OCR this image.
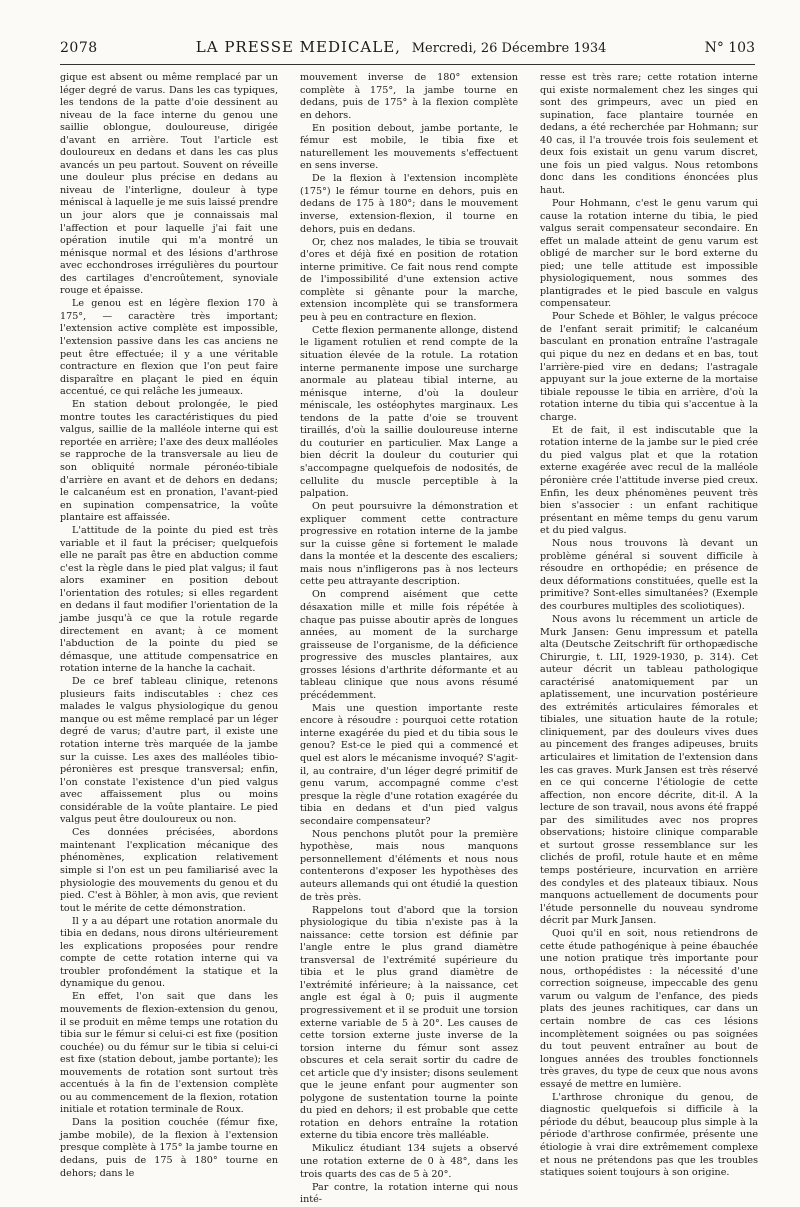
2078	LA PRESSE MEDICALE, Mercredi, 26 Décembre 1934	N° 103

gique est absent ou même remplacé par un léger degré de varus. Dans les cas typiques, les tendons de la patte d'oie dessinent au niveau de la face interne du genou une saillie oblongue, douloureuse, dirigée d'avant en arrière. Tout l'article est douloureux en dedans et dans les cas plus avancés un peu partout. Souvent on réveille une douleur plus précise en dedans au niveau de l'interligne, douleur à type méniscal à laquelle je me suis laissé prendre un jour alors que je connaissais mal l'affection et pour laquelle j'ai fait une opération inutile qui m'a montré un ménisque normal et des lésions d'arthrose avec ecchondroses irrégulières du pourtour des cartilages d'encroûtement, synoviale rouge et épaisse.

Le genou est en légère flexion 170 à 175°, — caractère très important; l'extension active complète est impossible, l'extension passive dans les cas anciens ne peut être effectuée; il y a une véritable contracture en flexion que l'on peut faire disparaître en plaçant le pied en équin accentué, ce qui relâche les jumeaux.

En station debout prolongée, le pied montre toutes les caractéristiques du pied valgus, saillie de la malléole interne qui est reportée en arrière; l'axe des deux malléoles se rapproche de la transversale au lieu de son obliquité normale péronéo-tibiale d'arrière en avant et de dehors en dedans; le calcanéum est en pronation, l'avant-pied en supination compensatrice, la voûte plantaire est affaissée.

L'attitude de la pointe du pied est très variable et il faut la préciser; quelquefois elle ne paraît pas être en abduction comme c'est la règle dans le pied plat valgus; il faut alors examiner en position debout l'orientation des rotules; si elles regardent en dedans il faut modifier l'orientation de la jambe jusqu'à ce que la rotule regarde directement en avant; à ce moment l'abduction de la pointe du pied se démasque, une attitude compensatrice en rotation interne de la hanche la cachait.

De ce bref tableau clinique, retenons plusieurs faits indiscutables : chez ces malades le valgus physiologique du genou manque ou est même remplacé par un léger degré de varus; d'autre part, il existe une rotation interne très marquée de la jambe sur la cuisse. Les axes des malléoles tibio-péronières est presque transversal; enfin, l'on constate l'existence d'un pied valgus avec affaissement plus ou moins considérable de la voûte plantaire. Le pied valgus peut être douloureux ou non.

Ces données précisées, abordons maintenant l'explication mécanique des phénomènes, explication relativement simple si l'on est un peu familiarisé avec la physiologie des mouvements du genou et du pied. C'est à Böhler, à mon avis, que revient tout le mérite de cette démonstration.

Il y a au départ une rotation anormale du tibia en dedans, nous dirons ultérieurement les explications proposées pour rendre compte de cette rotation interne qui va troubler profondément la statique et la dynamique du genou.

En effet, l'on sait que dans les mouvements de flexion-extension du genou, il se produit en même temps une rotation du tibia sur le fémur si celui-ci est fixe (position couchée) ou du fémur sur le tibia si celui-ci est fixe (station debout, jambe portante); les mouvements de rotation sont surtout très accentués à la fin de l'extension complète ou au commencement de la flexion, rotation initiale et rotation terminale de Roux.

Dans la position couchée (fémur fixe, jambe mobile), de la flexion à l'extension presque complète à 175° la jambe tourne en dedans, puis de 175 à 180° tourne en dehors; dans le

mouvement inverse de 180° extension complète à 175°, la jambe tourne en dedans, puis de 175° à la flexion complète en dehors.

En position debout, jambe portante, le fémur est mobile, le tibia fixe et naturellement les mouvements s'effectuent en sens inverse.

De la flexion à l'extension incomplète (175°) le fémur tourne en dehors, puis en dedans de 175 à 180°; dans le mouvement inverse, extension-flexion, il tourne en dehors, puis en dedans.

Or, chez nos malades, le tibia se trouvait d'ores et déjà fixé en position de rotation interne primitive. Ce fait nous rend compte de l'impossibilité d'une extension active complète si gênante pour la marche, extension incomplète qui se transformera peu à peu en contracture en flexion.

Cette flexion permanente allonge, distend le ligament rotulien et rend compte de la situation élevée de la rotule. La rotation interne permanente impose une surcharge anormale au plateau tibial interne, au ménisque interne, d'où la douleur méniscale, les ostéophytes marginaux. Les tendons de la patte d'oie se trouvent tiraillés, d'où la saillie douloureuse interne du couturier en particulier. Max Lange a bien décrit la douleur du couturier qui s'accompagne quelquefois de nodosités, de cellulite du muscle perceptible à la palpation.

On peut poursuivre la démonstration et expliquer comment cette contracture progressive en rotation interne de la jambe sur la cuisse gêne si fortement le malade dans la montée et la descente des escaliers; mais nous n'infligerons pas à nos lecteurs cette peu attrayante description.

On comprend aisément que cette désaxation mille et mille fois répétée à chaque pas puisse aboutir après de longues années, au moment de la surcharge graisseuse de l'organisme, de la déficience progressive des muscles plantaires, aux grosses lésions d'arthrite déformante et au tableau clinique que nous avons résumé précédemment.

Mais une question importante reste encore à résoudre : pourquoi cette rotation interne exagérée du pied et du tibia sous le genou? Est-ce le pied qui a commencé et quel est alors le mécanisme invoqué? S'agit-il, au contraire, d'un léger degré primitif de genu varum, accompagné comme c'est presque la règle d'une rotation exagérée du tibia en dedans et d'un pied valgus secondaire compensateur?

Nous penchons plutôt pour la première hypothèse, mais nous manquons personnellement d'éléments et nous nous contenterons d'exposer les hypothèses des auteurs allemands qui ont étudié la question de très près.

Rappelons tout d'abord que la torsion physiologique du tibia n'existe pas à la naissance: cette torsion est définie par l'angle entre le plus grand diamètre transversal de l'extrémité supérieure du tibia et le plus grand diamètre de l'extrémité inférieure; à la naissance, cet angle est égal à 0; puis il augmente progressivement et il se produit une torsion externe variable de 5 à 20°. Les causes de cette torsion externe juste inverse de la torsion interne du fémur sont assez obscures et cela serait sortir du cadre de cet article que d'y insister; disons seulement que le jeune enfant pour augmenter son polygone de sustentation tourne la pointe du pied en dehors; il est probable que cette rotation en dehors entraîne la rotation externe du tibia encore très malléable.

Mikulicz étudiant 134 sujets a observé une rotation externe de 0 à 48°, dans les trois quarts des cas de 5 à 20°.

Par contre, la rotation interne qui nous inté-

resse est très rare; cette rotation interne qui existe normalement chez les singes qui sont des grimpeurs, avec un pied en supination, face plantaire tournée en dedans, a été recherchée par Hohmann; sur 40 cas, il l'a trouvée trois fois seulement et deux fois existait un genu varum discret, une fois un pied valgus. Nous retombons donc dans les conditions énoncées plus haut.

Pour Hohmann, c'est le genu varum qui cause la rotation interne du tibia, le pied valgus serait compensateur secondaire. En effet un malade atteint de genu varum est obligé de marcher sur le bord externe du pied; une telle attitude est impossible physiologiquement, nous sommes des plantigrades et le pied bascule en valgus compensateur.

Pour Schede et Böhler, le valgus précoce de l'enfant serait primitif; le calcanéum basculant en pronation entraîne l'astragale qui pique du nez en dedans et en bas, tout l'arrière-pied vire en dedans; l'astragale appuyant sur la joue externe de la mortaise tibiale repousse le tibia en arrière, d'où la rotation interne du tibia qui s'accentue à la charge.

Et de fait, il est indiscutable que la rotation interne de la jambe sur le pied crée du pied valgus plat et que la rotation externe exagérée avec recul de la malléole péronière crée l'attitude inverse pied creux. Enfin, les deux phénomènes peuvent très bien s'associer : un enfant rachitique présentant en même temps du genu varum et du pied valgus.

Nous nous trouvons là devant un problème général si souvent difficile à résoudre en orthopédie; en présence de deux déformations constituées, quelle est la primitive? Sont-elles simultanées? (Exemple des courbures multiples des scoliotiques).

Nous avons lu récemment un article de Murk Jansen: Genu impressum et patella alta (Deutsche Zeitschrift für orthopædische Chirurgie, t. LII, 1929-1930, p. 314). Cet auteur décrit un tableau pathologique caractérisé anatomiquement par un aplatissement, une incurvation postérieure des extrémités articulaires fémorales et tibiales, une situation haute de la rotule; cliniquement, par des douleurs vives dues au pincement des franges adipeuses, bruits articulaires et limitation de l'extension dans les cas graves. Murk Jansen est très réservé en ce qui concerne l'étiologie de cette affection, non encore décrite, dit-il. A la lecture de son travail, nous avons été frappé par des similitudes avec nos propres observations; histoire clinique comparable et surtout grosse ressemblance sur les clichés de profil, rotule haute et en même temps postérieure, incurvation en arrière des condyles et des plateaux tibiaux. Nous manquons actuellement de documents pour l'étude personnelle du nouveau syndrome décrit par Murk Jansen.

Quoi qu'il en soit, nous retiendrons de cette étude pathogénique à peine ébauchée une notion pratique très importante pour nous, orthopédistes : la nécessité d'une correction soigneuse, impeccable des genu varum ou valgum de l'enfance, des pieds plats des jeunes rachitiques, car dans un certain nombre de cas ces lésions incomplètement soignées ou pas soignées du tout peuvent entraîner au bout de longues années des troubles fonctionnels très graves, du type de ceux que nous avons essayé de mettre en lumière.

L'arthrose chronique du genou, de diagnostic quelquefois si difficile à la période du début, beaucoup plus simple à la période d'arthrose confirmée, présente une étiologie à vrai dire extrêmement complexe et nous ne prétendons pas que les troubles statiques soient toujours à son origine.
